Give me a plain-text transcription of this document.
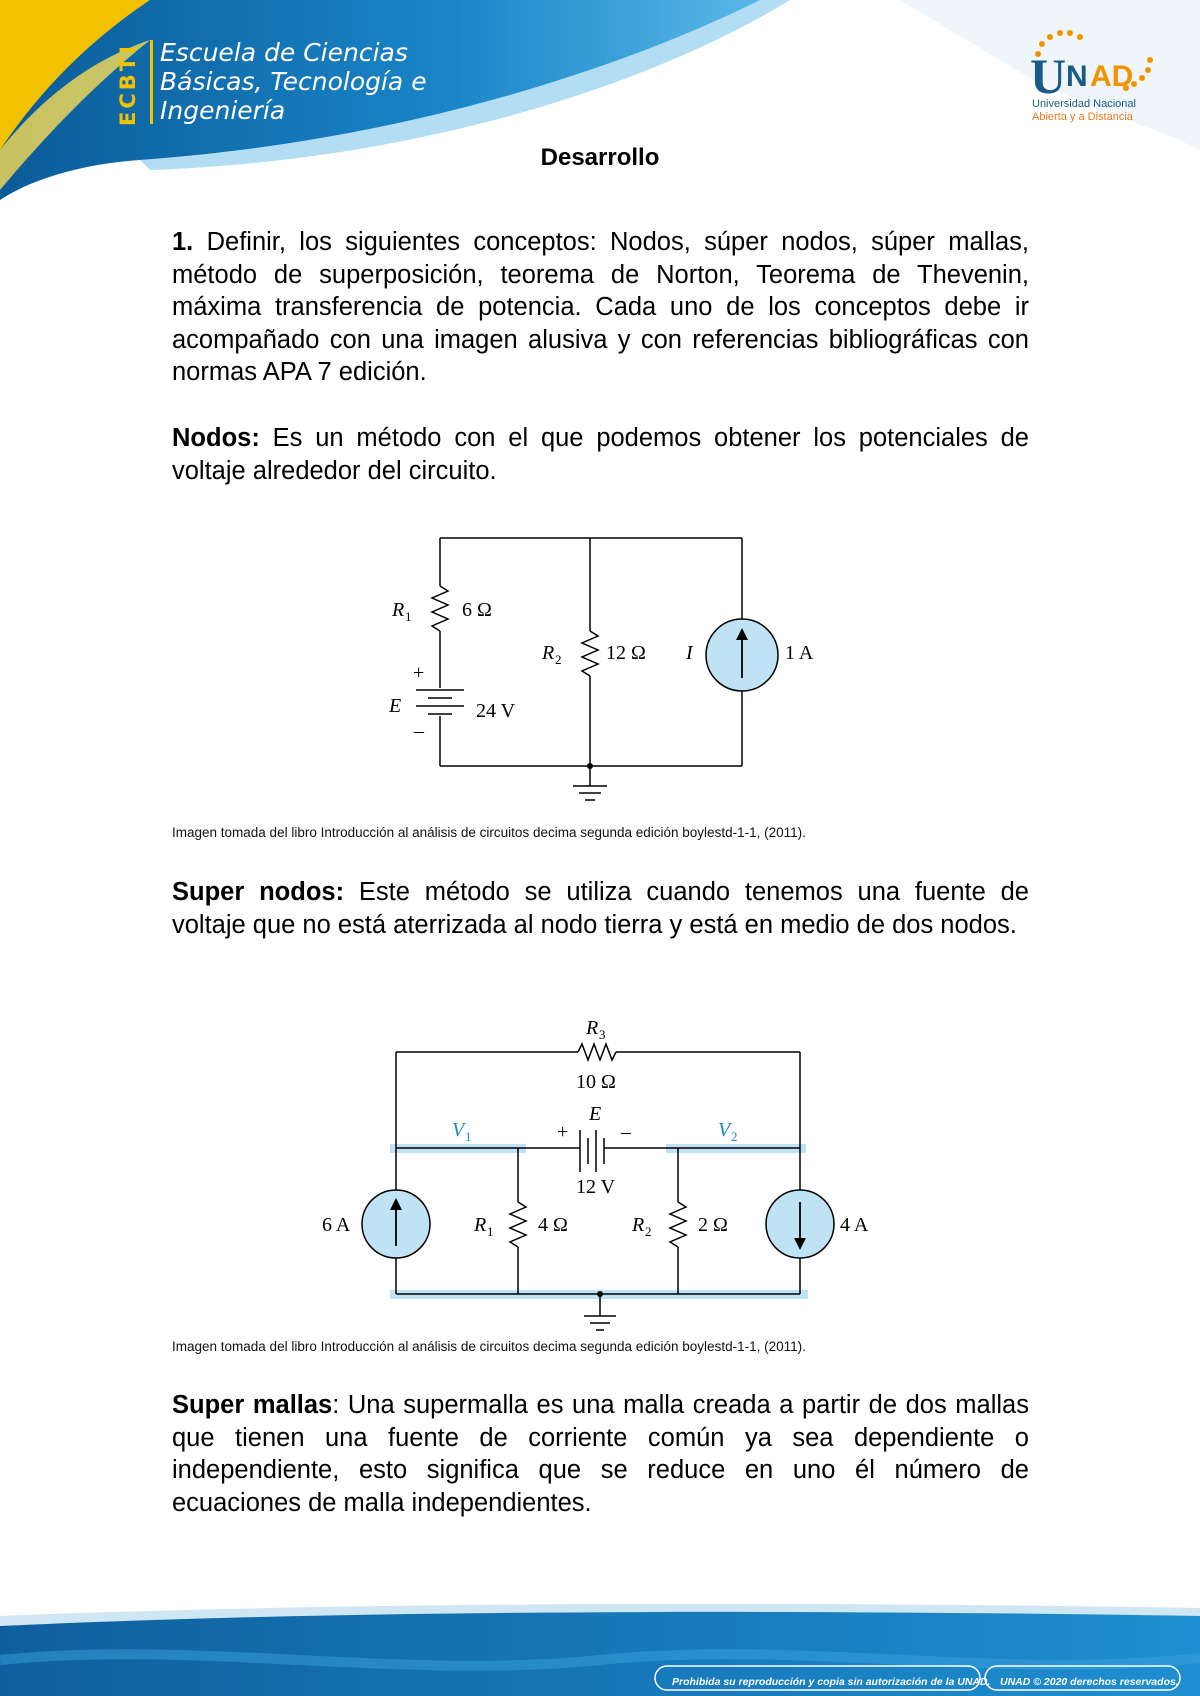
ECBTI Escuela de Ciencias
Básicas, Tecnología e
Ingeniería
U N AD
Universidad Nacional
Abierta y a Distancia
Desarrollo
1. Definir, los siguientes conceptos: Nodos, súper nodos, súper mallas, método de superposición, teorema de Norton, Teorema de Thevenin, máxima transferencia de potencia. Cada uno de los conceptos debe ir acompañado con una imagen alusiva y con referencias bibliográficas con normas APA 7 edición.
Nodos: Es un método con el que podemos obtener los potenciales de voltaje alrededor del circuito.
R 1	6 Ω
R 2 12 Ω
+
E
–
24 V
I	1 A
Imagen tomada del libro Introducción al análisis de circuitos decima segunda edición boylestd-1-1, (2011).
Super nodos: Este método se utiliza cuando tenemos una fuente de voltaje que no está aterrizada al nodo tierra y está en medio de dos nodos.
R 3
10 Ω
V 1	V 2
E
+	–
12 V
6 A	R 1 4 Ω	R 2 2 Ω	4 A
Imagen tomada del libro Introducción al análisis de circuitos decima segunda edición boylestd-1-1, (2011).
Super mallas: Una supermalla es una malla creada a partir de dos mallas que tienen una fuente de corriente común ya sea dependiente o independiente, esto significa que se reduce en uno él número de ecuaciones de malla independientes.
Prohibida su reproducción y copia sin autorización de la UNAD. UNAD © 2020 derechos reservados.
